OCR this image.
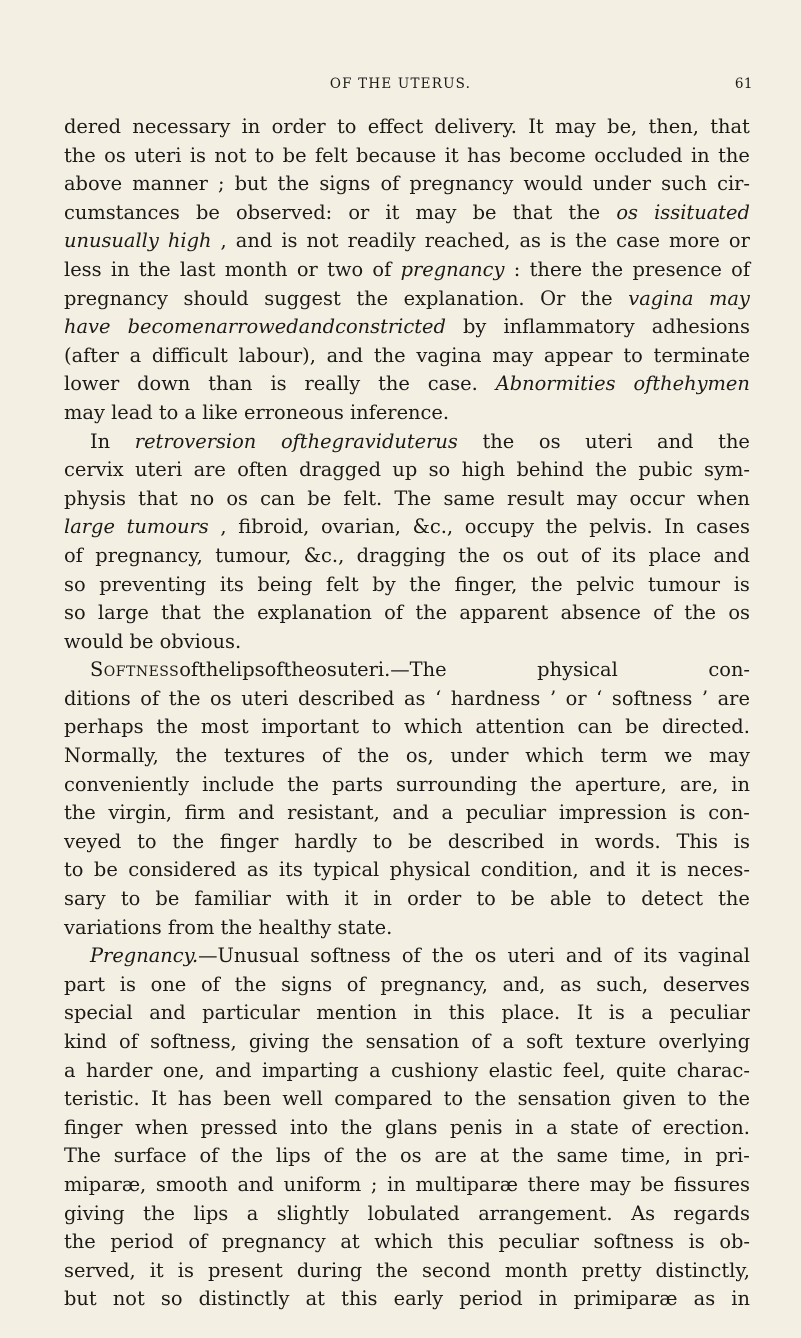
OF THE UTERUS.	61
dered necessary in order to effect delivery. It may be, then, that
the os uteri is not to be felt because it has become occluded in the
above manner ; but the signs of pregnancy would under such cir-
cumstances be observed: or it may be that the os issituated
unusually high , and is not readily reached, as is the case more or
less in the last month or two of pregnancy : there the presence of
pregnancy should suggest the explanation. Or the vagina may
have becomenarrowedandconstricted by inflammatory adhesions
(after a difficult labour), and the vagina may appear to terminate
lower down than is really the case. Abnormities ofthehymen
may lead to a like erroneous inference.
In retroversion ofthegraviduterus the os uteri and the
cervix uteri are often dragged up so high behind the pubic sym-
physis that no os can be felt. The same result may occur when
large tumours , fibroid, ovarian, &c., occupy the pelvis. In cases
of pregnancy, tumour, &c., dragging the os out of its place and
so preventing its being felt by the finger, the pelvic tumour is
so large that the explanation of the apparent absence of the os
would be obvious.
Softnessofthelipsoftheosuteri.—The	physical	con-
ditions of the os uteri described as ‘ hardness ’ or ‘ softness ’ are
perhaps the most important to which attention can be directed.
Normally, the textures of the os, under which term we may
conveniently include the parts surrounding the aperture, are, in
the virgin, firm and resistant, and a peculiar impression is con-
veyed to the finger hardly to be described in words. This is
to be considered as its typical physical condition, and it is neces-
sary to be familiar with it in order to be able to detect the
variations from the healthy state.
Pregnancy.—Unusual softness of the os uteri and of its vaginal
part is one of the signs of pregnancy, and, as such, deserves
special and particular mention in this place. It is a peculiar
kind of softness, giving the sensation of a soft texture overlying
a harder one, and imparting a cushiony elastic feel, quite charac-
teristic. It has been well compared to the sensation given to the
finger when pressed into the glans penis in a state of erection.
The surface of the lips of the os are at the same time, in pri-
miparæ, smooth and uniform ; in multiparæ there may be fissures
giving the lips a slightly lobulated arrangement. As regards
the period of pregnancy at which this peculiar softness is ob-
served, it is present during the second month pretty distinctly,
but not so distinctly at this early period in primiparæ as in
